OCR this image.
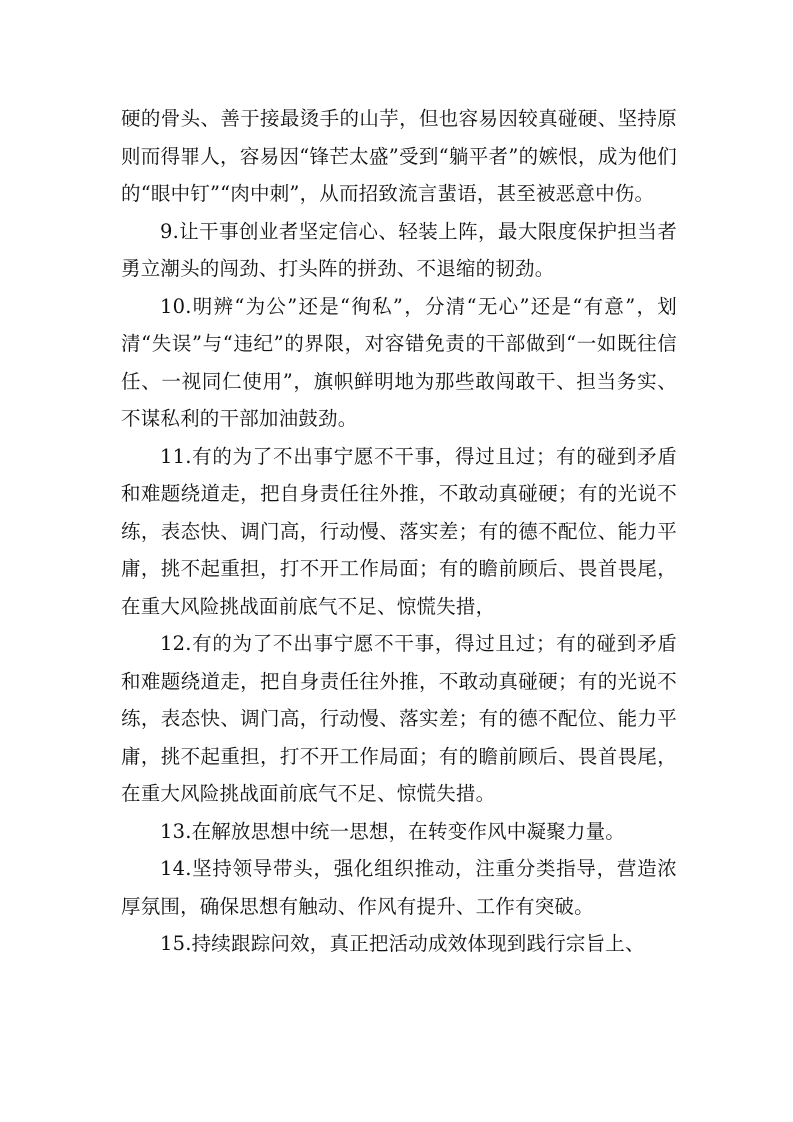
硬的骨头、善于接最烫手的山芋，但也容易因较真碰硬、坚持原则而得罪人，容易因“锋芒太盛”受到“躺平者”的嫉恨，成为他们的“眼中钉”“肉中刺”，从而招致流言蜚语，甚至被恶意中伤。

9.让干事创业者坚定信心、轻装上阵，最大限度保护担当者勇立潮头的闯劲、打头阵的拼劲、不退缩的韧劲。

10.明辨“为公”还是“徇私”，分清“无心”还是“有意”，划清“失误”与“违纪”的界限，对容错免责的干部做到“一如既往信任、一视同仁使用”，旗帜鲜明地为那些敢闯敢干、担当务实、不谋私利的干部加油鼓劲。

11.有的为了不出事宁愿不干事，得过且过；有的碰到矛盾和难题绕道走，把自身责任往外推，不敢动真碰硬；有的光说不练，表态快、调门高，行动慢、落实差；有的德不配位、能力平庸，挑不起重担，打不开工作局面；有的瞻前顾后、畏首畏尾，在重大风险挑战面前底气不足、惊慌失措，

12.有的为了不出事宁愿不干事，得过且过；有的碰到矛盾和难题绕道走，把自身责任往外推，不敢动真碰硬；有的光说不练，表态快、调门高，行动慢、落实差；有的德不配位、能力平庸，挑不起重担，打不开工作局面；有的瞻前顾后、畏首畏尾，在重大风险挑战面前底气不足、惊慌失措。

13.在解放思想中统一思想，在转变作风中凝聚力量。

14.坚持领导带头，强化组织推动，注重分类指导，营造浓厚氛围，确保思想有触动、作风有提升、工作有突破。

15.持续跟踪问效，真正把活动成效体现到践行宗旨上、
